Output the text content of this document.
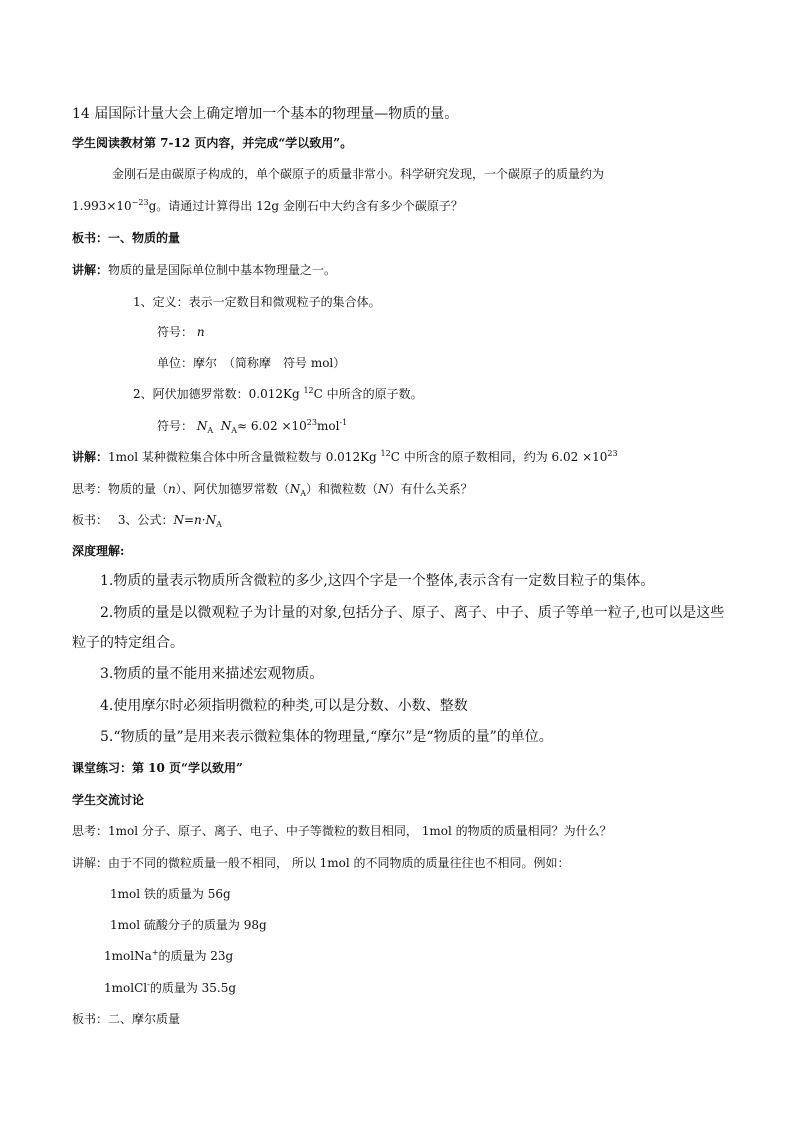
14 届国际计量大会上确定增加一个基本的物理量—物质的量。
学生阅读教材第 7-12 页内容，并完成“学以致用”。
金刚石是由碳原子构成的，单个碳原子的质量非常小。科学研究发现，一个碳原子的质量约为
$1.993\times 10^{-23}g$。请通过计算得出 12g 金刚石中大约含有多少个碳原子？
板书：一、物质的量
讲解：物质的量是国际单位制中基本物理量之一。
1、定义：表示一定数目和微观粒子的集合体。
符号： n
单位：摩尔　（简称摩　符号 mol）
2、阿伏加德罗常数：0.012Kg $^{12}$C 中所含的原子数。
符号： $N_A$ $N_A\approx 6.02 \times 10^{23}mol^{-1}$
讲解：1mol 某种微粒集合体中所含量微粒数与 0.012Kg $^{12}$C 中所含的原子数相同，约为 $6.02 \times 10^{23}$
思考：物质的量（n）、阿伏加德罗常数$(N_A)$和微粒数（N）有什么关系？
板书：　 3、公式：$N=n\cdot N_A$
深度理解:
1.物质的量表示物质所含微粒的多少,这四个字是一个整体,表示含有一定数目粒子的集体。
2.物质的量是以微观粒子为计量的对象,包括分子、原子、离子、中子、质子等单一粒子,也可以是这些
粒子的特定组合。
3.物质的量不能用来描述宏观物质。
4.使用摩尔时必须指明微粒的种类,可以是分数、小数、整数
5.“物质的量”是用来表示微粒集体的物理量,“摩尔”是“物质的量”的单位。
课堂练习：第 10 页“学以致用”
学生交流讨论
思考：1mol 分子、原子、离子、电子、中子等微粒的数目相同， 1mol 的物质的质量相同？为什么？
讲解：由于不同的微粒质量一般不相同， 所以 1mol 的不同物质的质量往往也不相同。例如：
1mol 铁的质量为 56g
1mol 硫酸分子的质量为 98g
1molNa+的质量为 23g
1molCl-的质量为 35.5g
板书：二、摩尔质量
